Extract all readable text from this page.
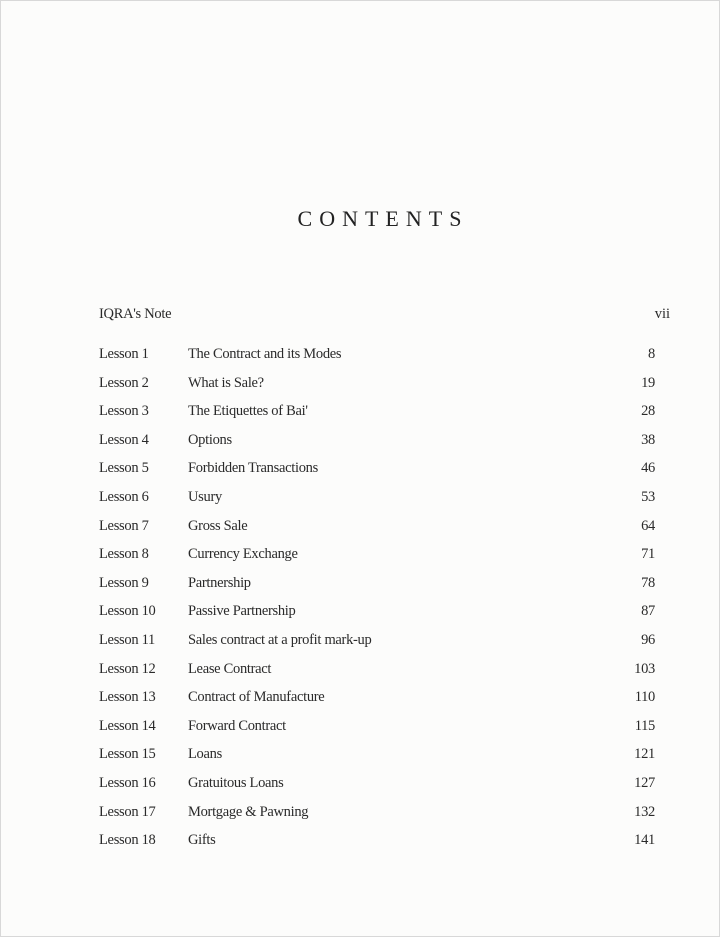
CONTENTS
IQRA's Note	vii
Lesson 1	The Contract and its Modes	8
Lesson 2	What is Sale?	19
Lesson 3	The Etiquettes of Bai'	28
Lesson 4	Options	38
Lesson 5	Forbidden Transactions	46
Lesson 6	Usury	53
Lesson 7	Gross Sale	64
Lesson 8	Currency Exchange	71
Lesson 9	Partnership	78
Lesson 10 Passive Partnership	87
Lesson 11 Sales contract at a profit mark-up	96
Lesson 12 Lease Contract	103
Lesson 13 Contract of Manufacture	110
Lesson 14 Forward Contract	115
Lesson 15 Loans	121
Lesson 16 Gratuitous Loans	127
Lesson 17 Mortgage & Pawning	132
Lesson 18 Gifts	141
